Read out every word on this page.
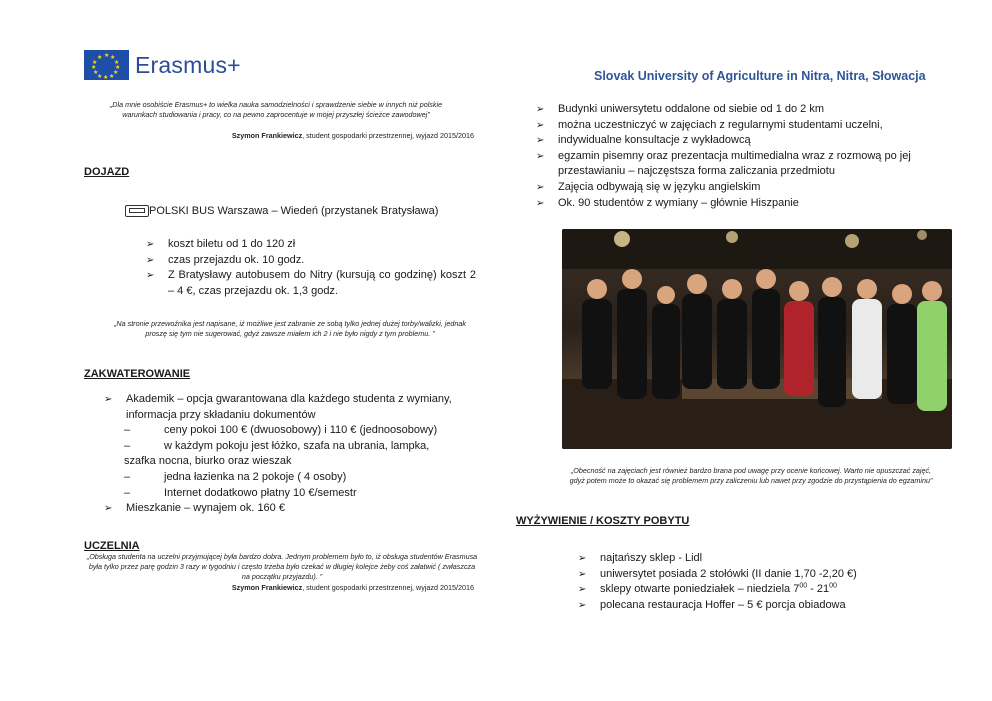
★ ★
★
★
★
★
★
★
★
★
★
★ Erasmus+	Slovak University of Agriculture in Nitra, Nitra, Słowacja
„Dla mnie osobiście Erasmus+ to wielka nauka samodzielności i sprawdzenie siebie w innych niż polskie warunkach studiowania i pracy, co na pewno zaprocentuje w mojej przyszłej ścieżce zawodowej”
Szymon Frankiewicz, student gospodarki przestrzennej, wyjazd 2015/2016
DOJAZD
POLSKI BUS Warszawa – Wiedeń (przystanek Bratysława)
➢ koszt biletu od 1 do 120 zł
➢ czas przejazdu ok. 10 godz.
➢ Z Bratysławy autobusem do Nitry (kursują co godzinę) koszt 2 – 4 €, czas przejazdu ok. 1,3 godz.
„Na stronie przewoźnika jest napisane, iż możliwe jest zabranie ze sobą tylko jednej dużej torby/walizki, jednak proszę się tym nie sugerować, gdyż zawsze miałem ich 2 i nie było nigdy z tym problemu. ”
ZAKWATEROWANIE
➢ Akademik – opcja gwarantowana dla każdego studenta z wymiany, informacja przy składaniu dokumentów
–	ceny pokoi 100 € (dwuosobowy) i 110 € (jednoosobowy)
–	w każdym pokoju jest łóżko, szafa na ubrania, lampka,
szafka nocna, biurko oraz wieszak
–	jedna łazienka na 2 pokoje ( 4 osoby)
–	Internet dodatkowo płatny 10 €/semestr
➢ Mieszkanie – wynajem ok. 160 €
UCZELNIA
„Obsługa studenta na uczelni przyjmującej była bardzo dobra. Jednym problemem było to, iż obsługa studentów Erasmusa była tylko przez parę godzin 3 razy w tygodniu i często trzeba było czekać w długiej kolejce żeby coś załatwić ( zwłaszcza na początku przyjazdu). ”
Szymon Frankiewicz, student gospodarki przestrzennej, wyjazd 2015/2016
➢ Budynki uniwersytetu oddalone od siebie od 1 do 2 km
➢ można uczestniczyć w zajęciach z regularnymi studentami uczelni,
➢ indywidualne konsultacje z wykładowcą
➢ egzamin pisemny oraz prezentacja multimedialna wraz z rozmową po jej przestawianiu – najczęstsza forma zaliczania przedmiotu
➢ Zajęcia odbywają się w języku angielskim
➢ Ok. 90 studentów z wymiany – głównie Hiszpanie
„Obecność na zajęciach jest również bardzo brana pod uwagę przy ocenie końcowej. Warto nie opuszczać zajęć, gdyż potem może to okazać się problemem przy zaliczeniu lub nawet przy zgodzie do przystąpienia do egzaminu”
WYŻYWIENIE / KOSZTY POBYTU
➢ najtańszy sklep - Lidl
➢ uniwersytet posiada 2 stołówki (II danie 1,70 -2,20 €)
➢ sklepy otwarte poniedziałek – niedziela $7^{00} - 21^{00}$
➢ polecana restauracja Hoffer – 5 € porcja obiadowa
